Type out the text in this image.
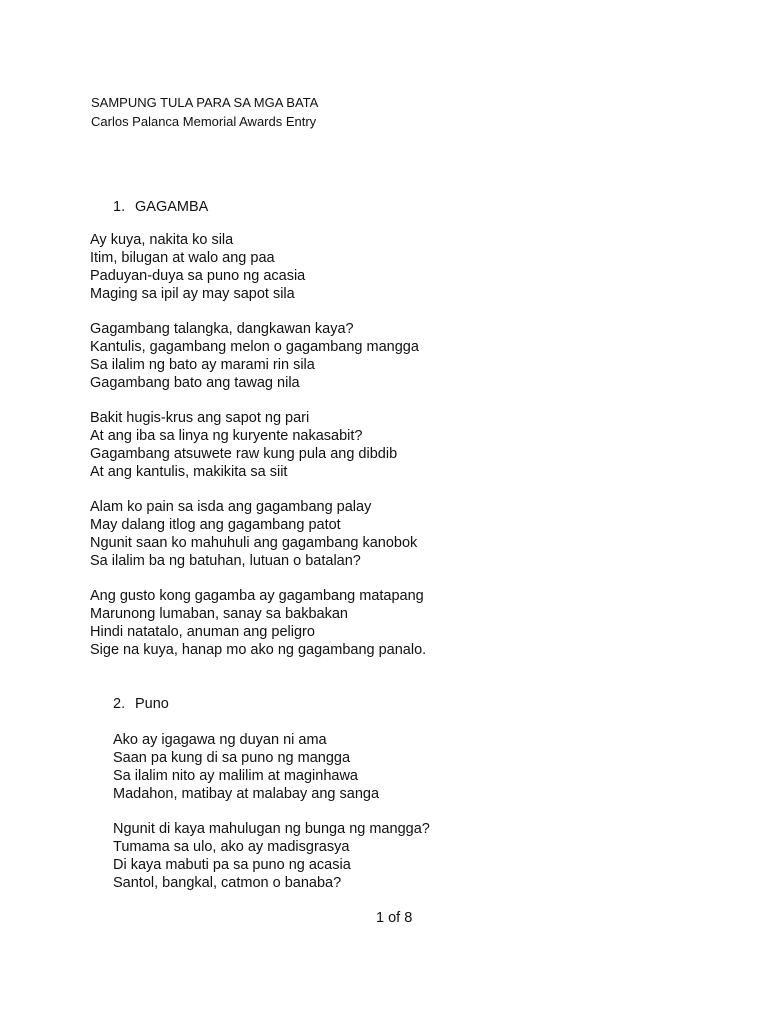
SAMPUNG TULA PARA SA MGA BATA
Carlos Palanca Memorial Awards Entry
1. GAGAMBA
Ay kuya, nakita ko sila
Itim, bilugan at walo ang paa
Paduyan-duya sa puno ng acasia
Maging sa ipil ay may sapot sila
Gagambang talangka, dangkawan kaya?
Kantulis, gagambang melon o gagambang mangga
Sa ilalim ng bato ay marami rin sila
Gagambang bato ang tawag nila
Bakit hugis-krus ang sapot ng pari
At ang iba sa linya ng kuryente nakasabit?
Gagambang atsuwete raw kung pula ang dibdib
At ang kantulis, makikita sa siit
Alam ko pain sa isda ang gagambang palay
May dalang itlog ang gagambang patot
Ngunit saan ko mahuhuli ang gagambang kanobok
Sa ilalim ba ng batuhan, lutuan o batalan?
Ang gusto kong gagamba ay gagambang matapang
Marunong lumaban, sanay sa bakbakan
Hindi natatalo, anuman ang peligro
Sige na kuya, hanap mo ako ng gagambang panalo.
2. Puno
Ako ay igagawa ng duyan ni ama
Saan pa kung di sa puno ng mangga
Sa ilalim nito ay malilim at maginhawa
Madahon, matibay at malabay ang sanga
Ngunit di kaya mahulugan ng bunga ng mangga?
Tumama sa ulo, ako ay madisgrasya
Di kaya mabuti pa sa puno ng acasia
Santol, bangkal, catmon o banaba?
1 of 8
